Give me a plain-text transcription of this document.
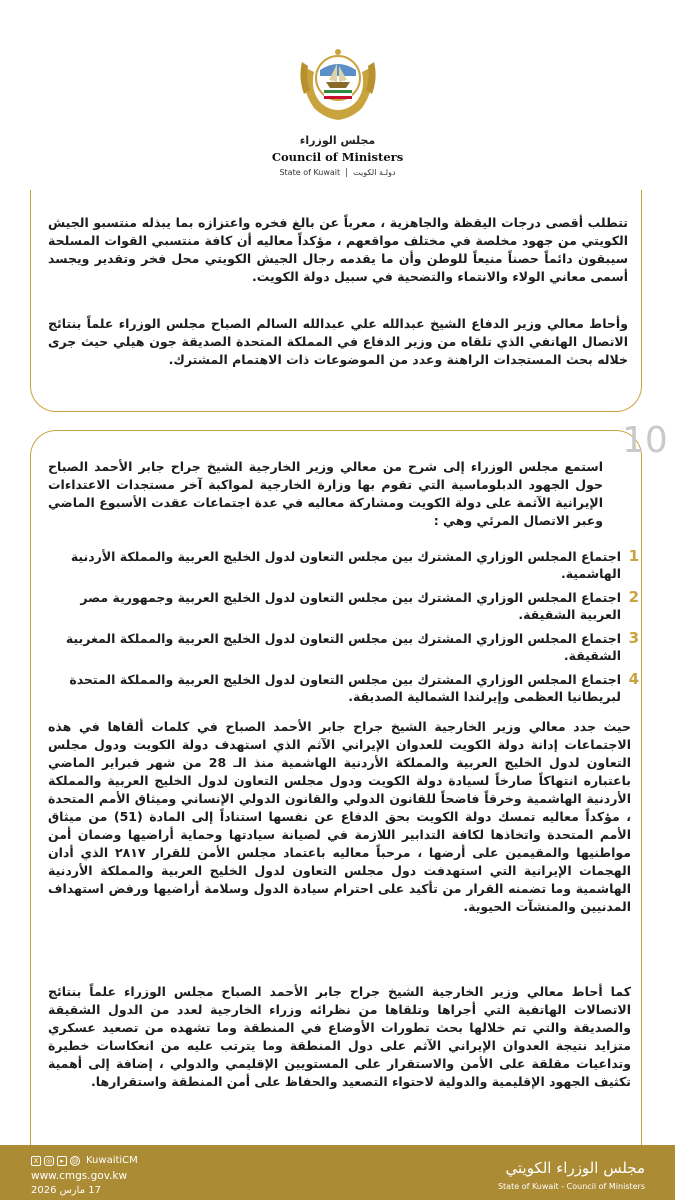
مجلس الوزراء
Council of Ministers
State of Kuwait دولـة الكويت

تتطلب أقصى درجات اليقظة والجاهزية ، معرباً عن بالغ فخره واعتزازه بما يبذله منتسبو الجيش الكويتي من جهود مخلصة في مختلف مواقعهم ، مؤكداً معاليه أن كافة منتسبي القوات المسلحة سيبقون دائماً حصناً منيعاً للوطن وأن ما يقدمه رجال الجيش الكويتي محل فخر وتقدير ويجسد أسمى معاني الولاء والانتماء والتضحية في سبيل دولة الكويت.

وأحاط معالي وزير الدفاع الشيخ عبدالله علي عبدالله السالم الصباح مجلس الوزراء علماً بنتائج الاتصال الهاتفي الذي تلقاه من وزير الدفاع في المملكة المتحدة الصديقة جون هيلي حيث جرى خلاله بحث المستجدات الراهنة وعدد من الموضوعات ذات الاهتمام المشترك.

10

استمع مجلس الوزراء إلى شرح من معالي وزير الخارجية الشيخ جراح جابر الأحمد الصباح حول الجهود الدبلوماسية التي تقوم بها وزارة الخارجية لمواكبة آخر مستجدات الاعتداءات الإيرانية الآثمة على دولة الكويت ومشاركة معاليه في عدة اجتماعات عقدت الأسبوع الماضي وعبر الاتصال المرئي وهي :

1
اجتماع المجلس الوزاري المشترك بين مجلس التعاون لدول الخليج العربية والمملكة الأردنية الهاشمية.
2
اجتماع المجلس الوزاري المشترك بين مجلس التعاون لدول الخليج العربية وجمهورية مصر العربية الشقيقة.
3
اجتماع المجلس الوزاري المشترك بين مجلس التعاون لدول الخليج العربية والمملكة المغربية الشقيقة.
4
اجتماع المجلس الوزاري المشترك بين مجلس التعاون لدول الخليج العربية والمملكة المتحدة لبريطانيا العظمى وإيرلندا الشمالية الصديقة.

حيث جدد معالي وزير الخارجية الشيخ جراح جابر الأحمد الصباح في كلمات ألقاها في هذه الاجتماعات إدانة دولة الكويت للعدوان الإيراني الآثم الذي استهدف دولة الكويت ودول مجلس التعاون لدول الخليج العربية والمملكة الأردنية الهاشمية منذ الـ 28 من شهر فبراير الماضي باعتباره انتهاكاً صارخاً لسيادة دولة الكويت ودول مجلس التعاون لدول الخليج العربية والمملكة الأردنية الهاشمية وخرقاً فاضحاً للقانون الدولي والقانون الدولي الإنساني وميثاق الأمم المتحدة ، مؤكداً معاليه تمسك دولة الكويت بحق الدفاع عن نفسها استناداً إلى المادة (51) من ميثاق الأمم المتحدة واتخاذها لكافة التدابير اللازمة في لصيانة سيادتها وحماية أراضيها وضمان أمن مواطنيها والمقيمين على أرضها ، مرحباً معاليه باعتماد مجلس الأمن للقرار ٢٨١٧ الذي أدان الهجمات الإيرانية التي استهدفت دول مجلس التعاون لدول الخليج العربية والمملكة الأردنية الهاشمية وما تضمنه القرار من تأكيد على احترام سيادة الدول وسلامة أراضيها ورفض استهداف المدنيين والمنشآت الحيوية.

كما أحاط معالي وزير الخارجية الشيخ جراح جابر الأحمد الصباح مجلس الوزراء علماً بنتائج الاتصالات الهاتفية التي أجراها وتلقاها من نظرائه وزراء الخارجية لعدد من الدول الشقيقة والصديقة والتي تم خلالها بحث تطورات الأوضاع في المنطقة وما تشهده من تصعيد عسكري متزايد نتيجة العدوان الإيراني الآثم على دول المنطقة وما يترتب عليه من انعكاسات خطيرة وتداعيات مقلقة على الأمن والاستقرار على المستويين الإقليمي والدولي ، إضافة إلى أهمية تكثيف الجهود الإقليمية والدولية لاحتواء التصعيد والحفاظ على أمن المنطقة واستقرارها.

X	◎	▸	@ KuwaitiCM
www.cmgs.gov.kw
17 مارس 2026
مجلس الوزراء الكويتي
State of Kuwait - Council of Ministers
